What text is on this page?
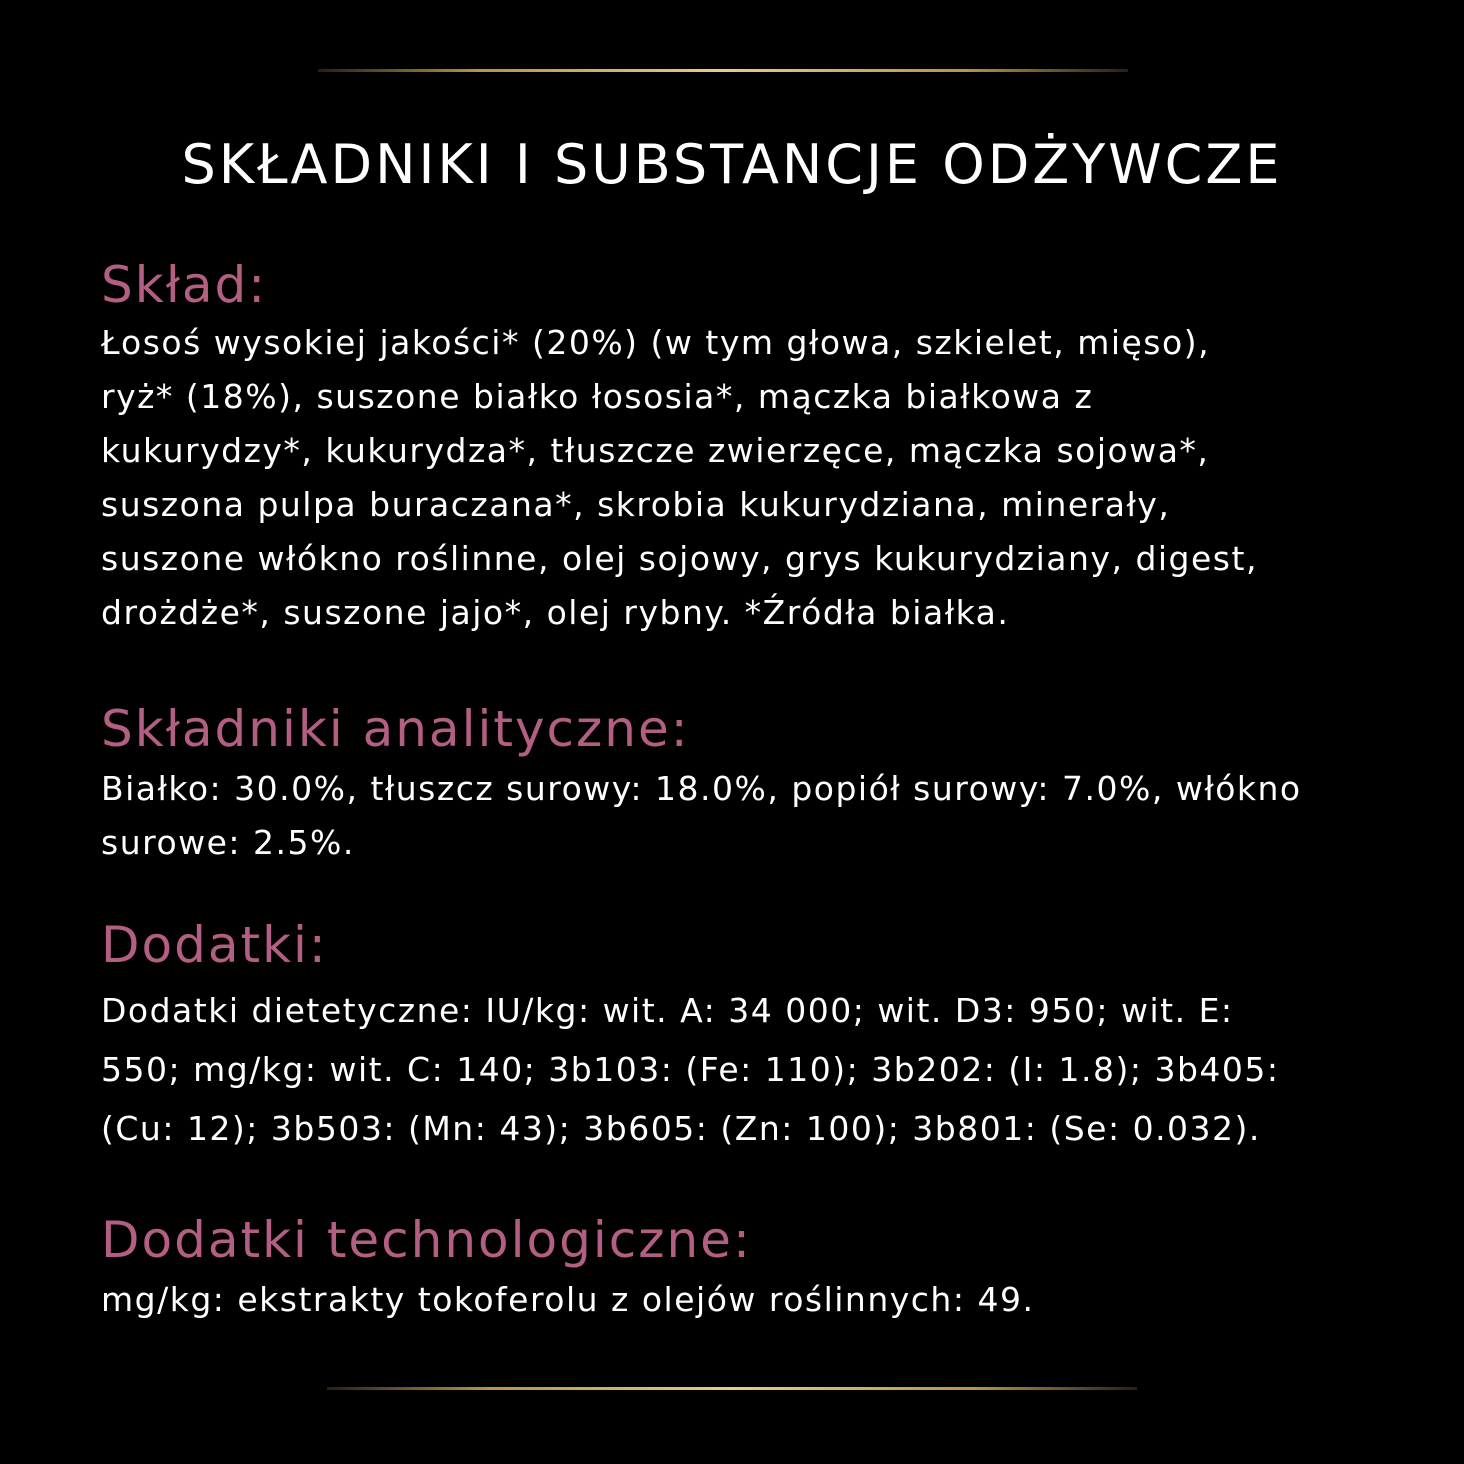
SKŁADNIKI I SUBSTANCJE ODŻYWCZE
Skład:
Łosoś wysokiej jakości* (20%) (w tym głowa, szkielet, mięso),
ryż* (18%), suszone białko łososia*, mączka białkowa z
kukurydzy*, kukurydza*, tłuszcze zwierzęce, mączka sojowa*,
suszona pulpa buraczana*, skrobia kukurydziana, minerały,
suszone włókno roślinne, olej sojowy, grys kukurydziany, digest,
drożdże*, suszone jajo*, olej rybny. *Źródła białka.
Składniki analityczne:
Białko: 30.0%, tłuszcz surowy: 18.0%, popiół surowy: 7.0%, włókno
surowe: 2.5%.
Dodatki:
Dodatki dietetyczne: IU/kg: wit. A: 34 000; wit. D3: 950; wit. E:
550; mg/kg: wit. C: 140; 3b103: (Fe: 110); 3b202: (I: 1.8); 3b405:
(Cu: 12); 3b503: (Mn: 43); 3b605: (Zn: 100); 3b801: (Se: 0.032).
Dodatki technologiczne:
mg/kg: ekstrakty tokoferolu z olejów roślinnych: 49.
